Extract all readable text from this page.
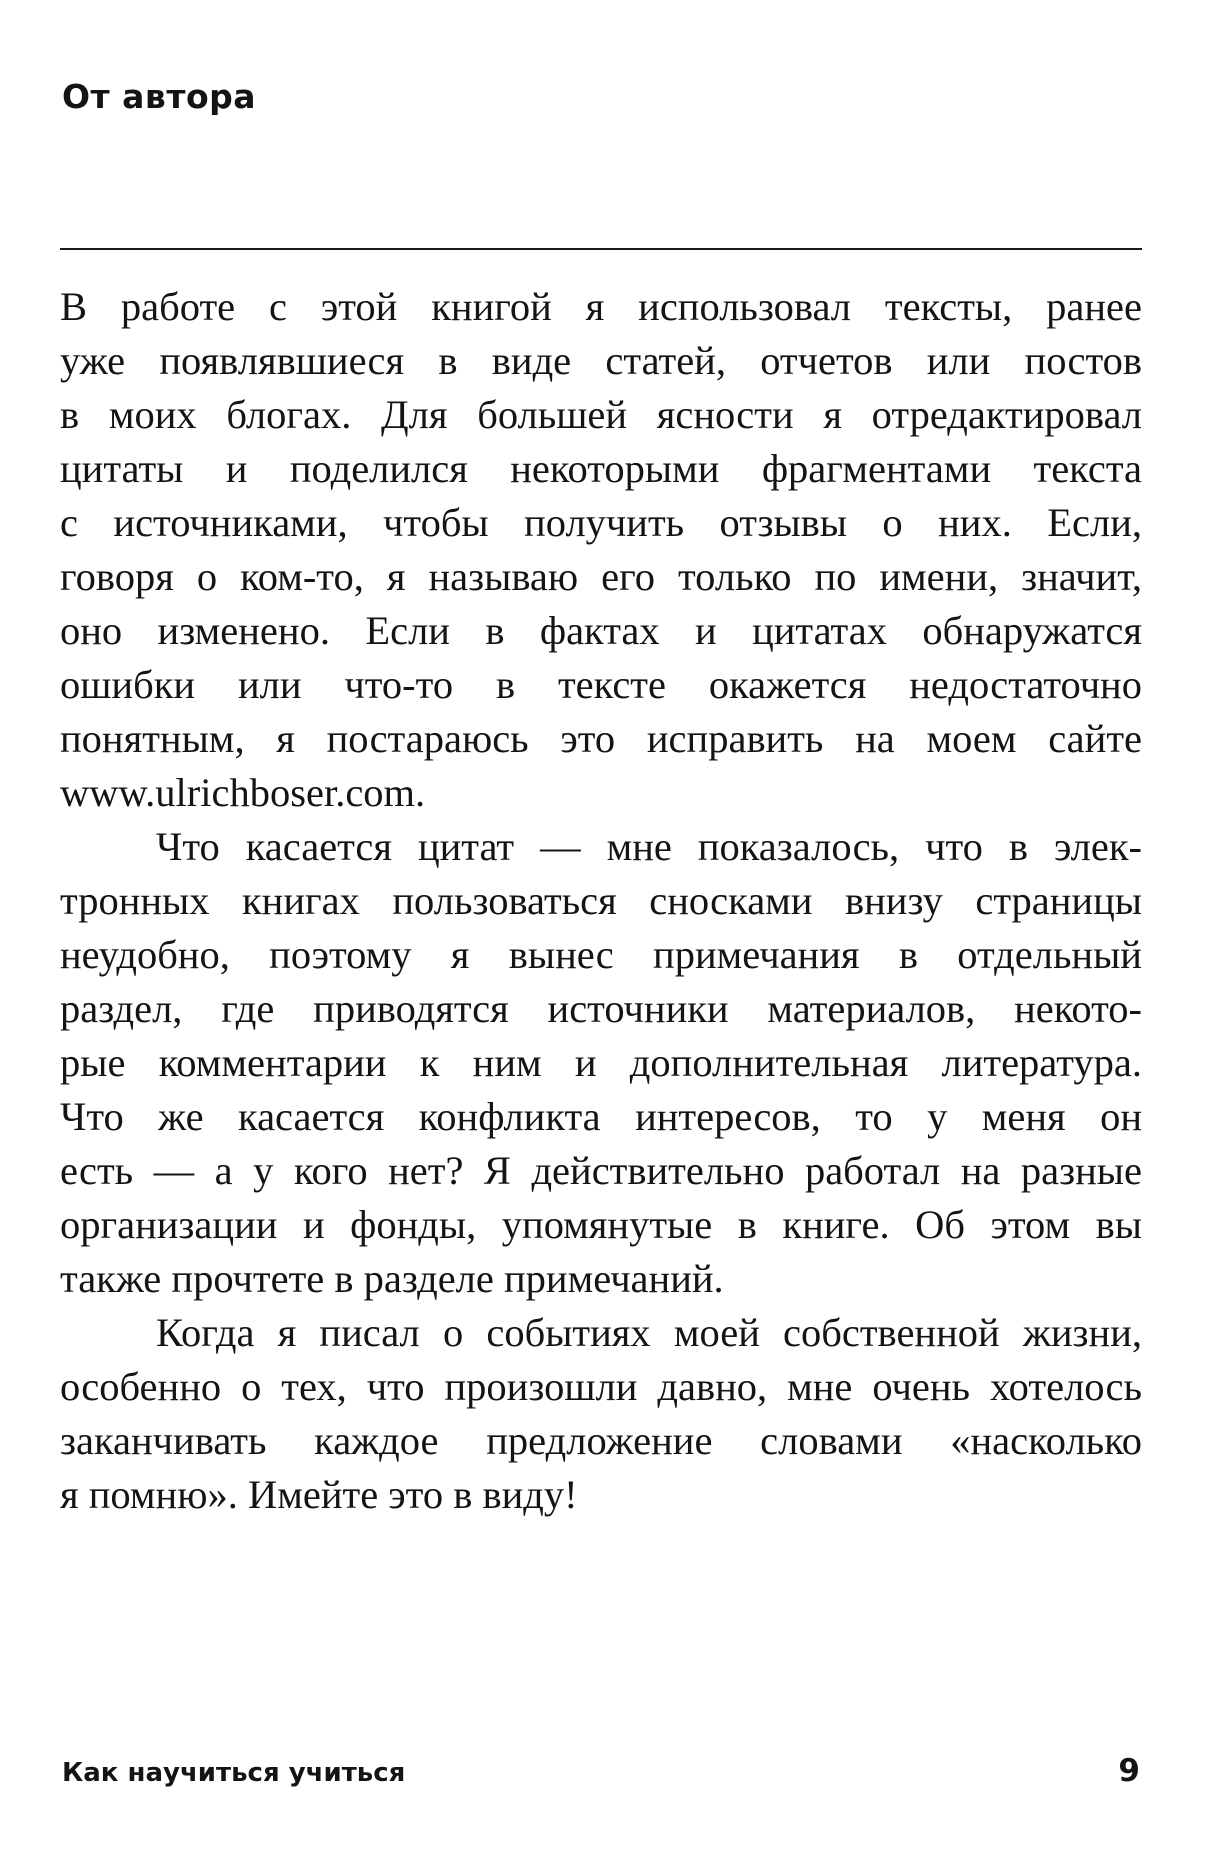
От автора
В работе с этой книгой я использовал тексты, ранее
уже появлявшиеся в виде статей, отчетов или постов
в моих блогах. Для большей ясности я отредактировал
цитаты и поделился некоторыми фрагментами текста
с источниками, чтобы получить отзывы о них. Если,
говоря о ком-то, я называю его только по имени, значит,
оно изменено. Если в фактах и цитатах обнаружатся
ошибки или что-то в тексте окажется недостаточно
понятным, я постараюсь это исправить на моем сайте
www.ulrichboser.com.
Что касается цитат — мне показалось, что в элек-
тронных книгах пользоваться сносками внизу страницы
неудобно, поэтому я вынес примечания в отдельный
раздел, где приводятся источники материалов, некото-
рые комментарии к ним и дополнительная литература.
Что же касается конфликта интересов, то у меня он
есть — а у кого нет? Я действительно работал на разные
организации и фонды, упомянутые в книге. Об этом вы
также прочтете в разделе примечаний.
Когда я писал о событиях моей собственной жизни,
особенно о тех, что произошли давно, мне очень хотелось
заканчивать каждое предложение словами «насколько
я помню». Имейте это в виду!
Как научиться учиться	9
